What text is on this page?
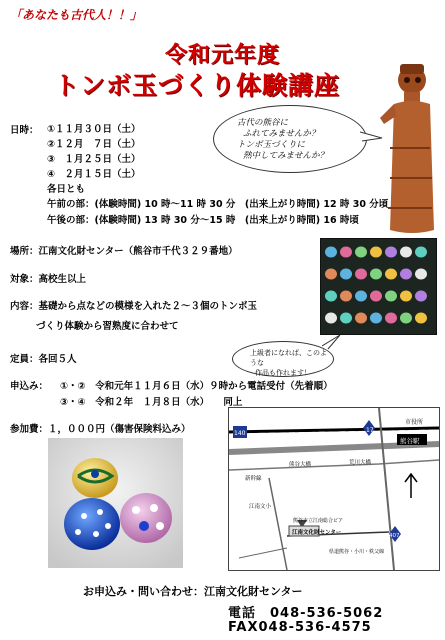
「あなたも古代人！！」
令和元年度
トンボ玉づくり体験講座
古代の熊谷に
ふれてみませんか？
トンボ玉づくりに
熱中してみませんか？
日時： ①１１月３０日（土）
②１２月　７日（土）
③　１月２５日（土）
④　２月１５日（土）
各日とも
午前の部：(体験時間) 10 時～11 時 30 分　(出来上がり時間) 12 時 30 分頃
午後の部：(体験時間) 13 時 30 分～15 時　(出来上がり時間) 16 時頃
場所：江南文化財センター（熊谷市千代３２９番地）
対象：高校生以上
内容：基礎から点などの模様を入れた２～３個のトンボ玉
づくり体験から習熟度に合わせて
上級者になれば、このような
作品も作れます！
定員：各回５人
申込み： ①・②　令和元年１１月６日（水）９時から電話受付（先着順）
③・④　令和２年　１月８日（水）　　同上
参加費：１，０００円（傷害保険料込み）	140	17
407
市役所
熊谷駅
熊谷大橋	荒川大橋
新幹線
江南文小
熊谷市立江南総合ビア
江南文化財センター
県道熊谷・小川・秩父線
お申込み・問い合わせ：江南文化財センター
電話　048-536-5062
FAX048-536-4575
